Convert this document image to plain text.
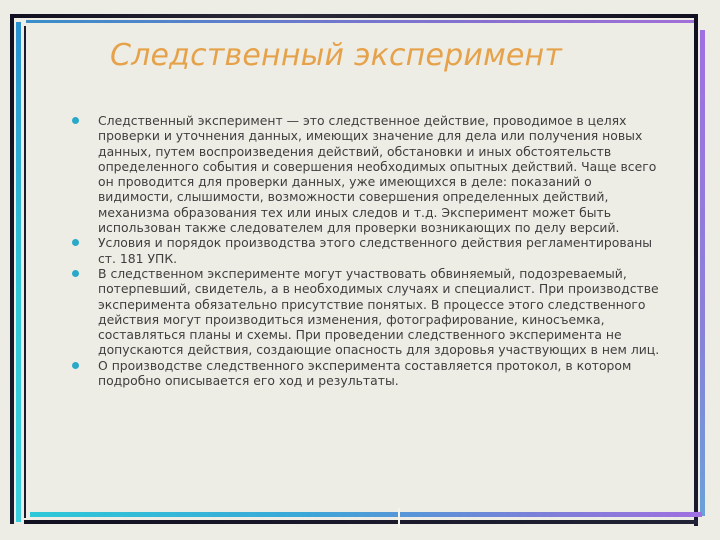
Следственный эксперимент
Следственный эксперимент — это следственное действие, проводимое в целях проверки и уточнения данных, имеющих значение для дела или получения новых данных, путем воспроизведения действий, обстановки и иных обстоятельств определенного события и совершения необходимых опытных действий. Чаще всего он проводится для проверки данных, уже имеющихся в деле: показаний о видимости, слышимости, возможности совершения определенных действий, механизма образования тех или иных следов и т.д. Эксперимент может быть использован также следователем для проверки возникающих по делу версий.
Условия и порядок производства этого следственного действия регламентированы ст. 181 УПК.
В следственном эксперименте могут участвовать обвиняемый, подозреваемый, потерпевший, свидетель, а в необходимых случаях и специалист. При производстве эксперимента обязательно присутствие понятых. В процессе этого следственного действия могут производиться изменения, фотографирование, киносъемка, составляться планы и схемы. При проведении следственного эксперимента не допускаются действия, создающие опасность для здоровья участвующих в нем лиц.
О производстве следственного эксперимента составляется протокол, в котором подробно описывается его ход и результаты.
